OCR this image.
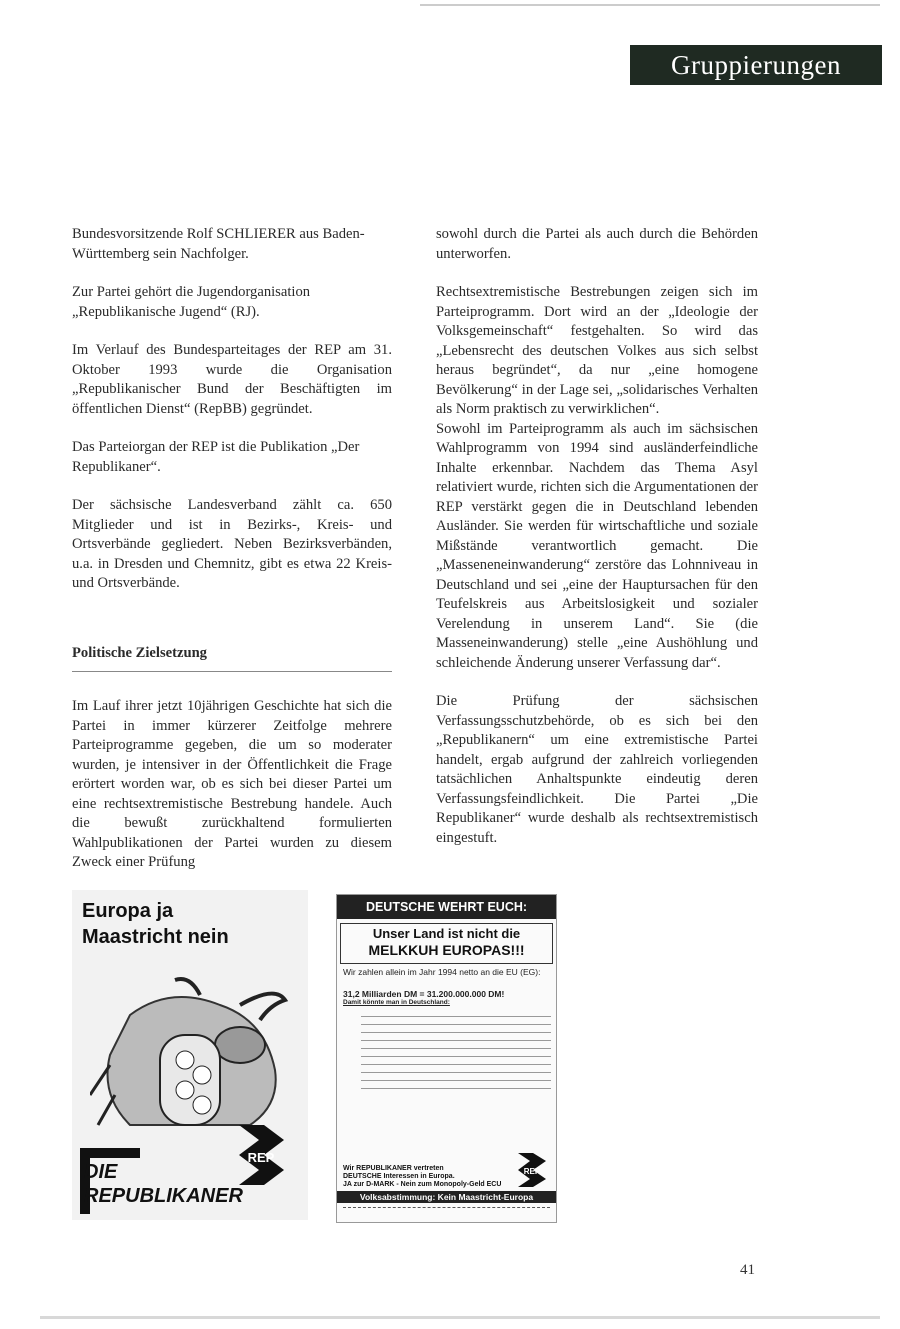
Gruppierungen

Bundesvorsitzende Rolf SCHLIERER aus Baden-Württemberg sein Nachfolger.

Zur Partei gehört die Jugendorganisation „Republikanische Jugend“ (RJ).

Im Verlauf des Bundesparteitages der REP am 31. Oktober 1993 wurde die Organisation „Republikanischer Bund der Beschäftigten im öffentlichen Dienst“ (RepBB) gegründet.

Das Parteiorgan der REP ist die Publikation „Der Republikaner“.

Der sächsische Landesverband zählt ca. 650 Mitglieder und ist in Bezirks-, Kreis- und Ortsverbände gegliedert. Neben Bezirksverbänden, u.a. in Dresden und Chemnitz, gibt es etwa 22 Kreis- und Ortsverbände.

Politische Zielsetzung

Im Lauf ihrer jetzt 10jährigen Geschichte hat sich die Partei in immer kürzerer Zeitfolge mehrere Parteiprogramme gegeben, die um so moderater wurden, je intensiver in der Öffentlichkeit die Frage erörtert worden war, ob es sich bei dieser Partei um eine rechtsextremistische Bestrebung handele. Auch die bewußt zurückhaltend formulierten Wahlpublikationen der Partei wurden zu diesem Zweck einer Prüfung

sowohl durch die Partei als auch durch die Behörden unterworfen.

Rechtsextremistische Bestrebungen zeigen sich im Parteiprogramm. Dort wird an der „Ideologie der Volksgemeinschaft“ festgehalten. So wird das „Lebensrecht des deutschen Volkes aus sich selbst heraus begründet“, da nur „eine homogene Bevölkerung“ in der Lage sei, „solidarisches Verhalten als Norm praktisch zu verwirklichen“.

Sowohl im Parteiprogramm als auch im sächsischen Wahlprogramm von 1994 sind ausländerfeindliche Inhalte erkennbar. Nachdem das Thema Asyl relativiert wurde, richten sich die Argumentationen der REP verstärkt gegen die in Deutschland lebenden Ausländer. Sie werden für wirtschaftliche und soziale Mißstände verantwortlich gemacht. Die „Masseneneinwanderung“ zerstöre das Lohnniveau in Deutschland und sei „eine der Hauptursachen für den Teufelskreis aus Arbeitslosigkeit und sozialer Verelendung in unserem Land“. Sie (die Masseneinwanderung) stelle „eine Aushöhlung und schleichende Änderung unserer Verfassung dar“.

Die Prüfung der sächsischen Verfassungsschutzbehörde, ob es sich bei den „Republikanern“ um eine extremistische Partei handelt, ergab aufgrund der zahlreich vorliegenden tatsächlichen Anhaltspunkte eindeutig deren Verfassungsfeindlichkeit. Die Partei „Die Republikaner“ wurde deshalb als rechtsextremistisch eingestuft.

Europa ja
Maastricht nein
DIE
REPUBLIKANER
REP
DEUTSCHE WEHRT EUCH:
Unser Land ist nicht die
MELKKUH EUROPAS!!!
Wir zahlen allein im Jahr 1994 netto an die EU (EG):
31,2 Milliarden DM = 31.200.000.000 DM!
Damit könnte man in Deutschland:
Wir REPUBLIKANER vertreten
DEUTSCHE Interessen in Europa.
JA zur D-MARK - Nein zum Monopoly-Geld ECU
REP
Volksabstimmung: Kein Maastricht-Europa
41
